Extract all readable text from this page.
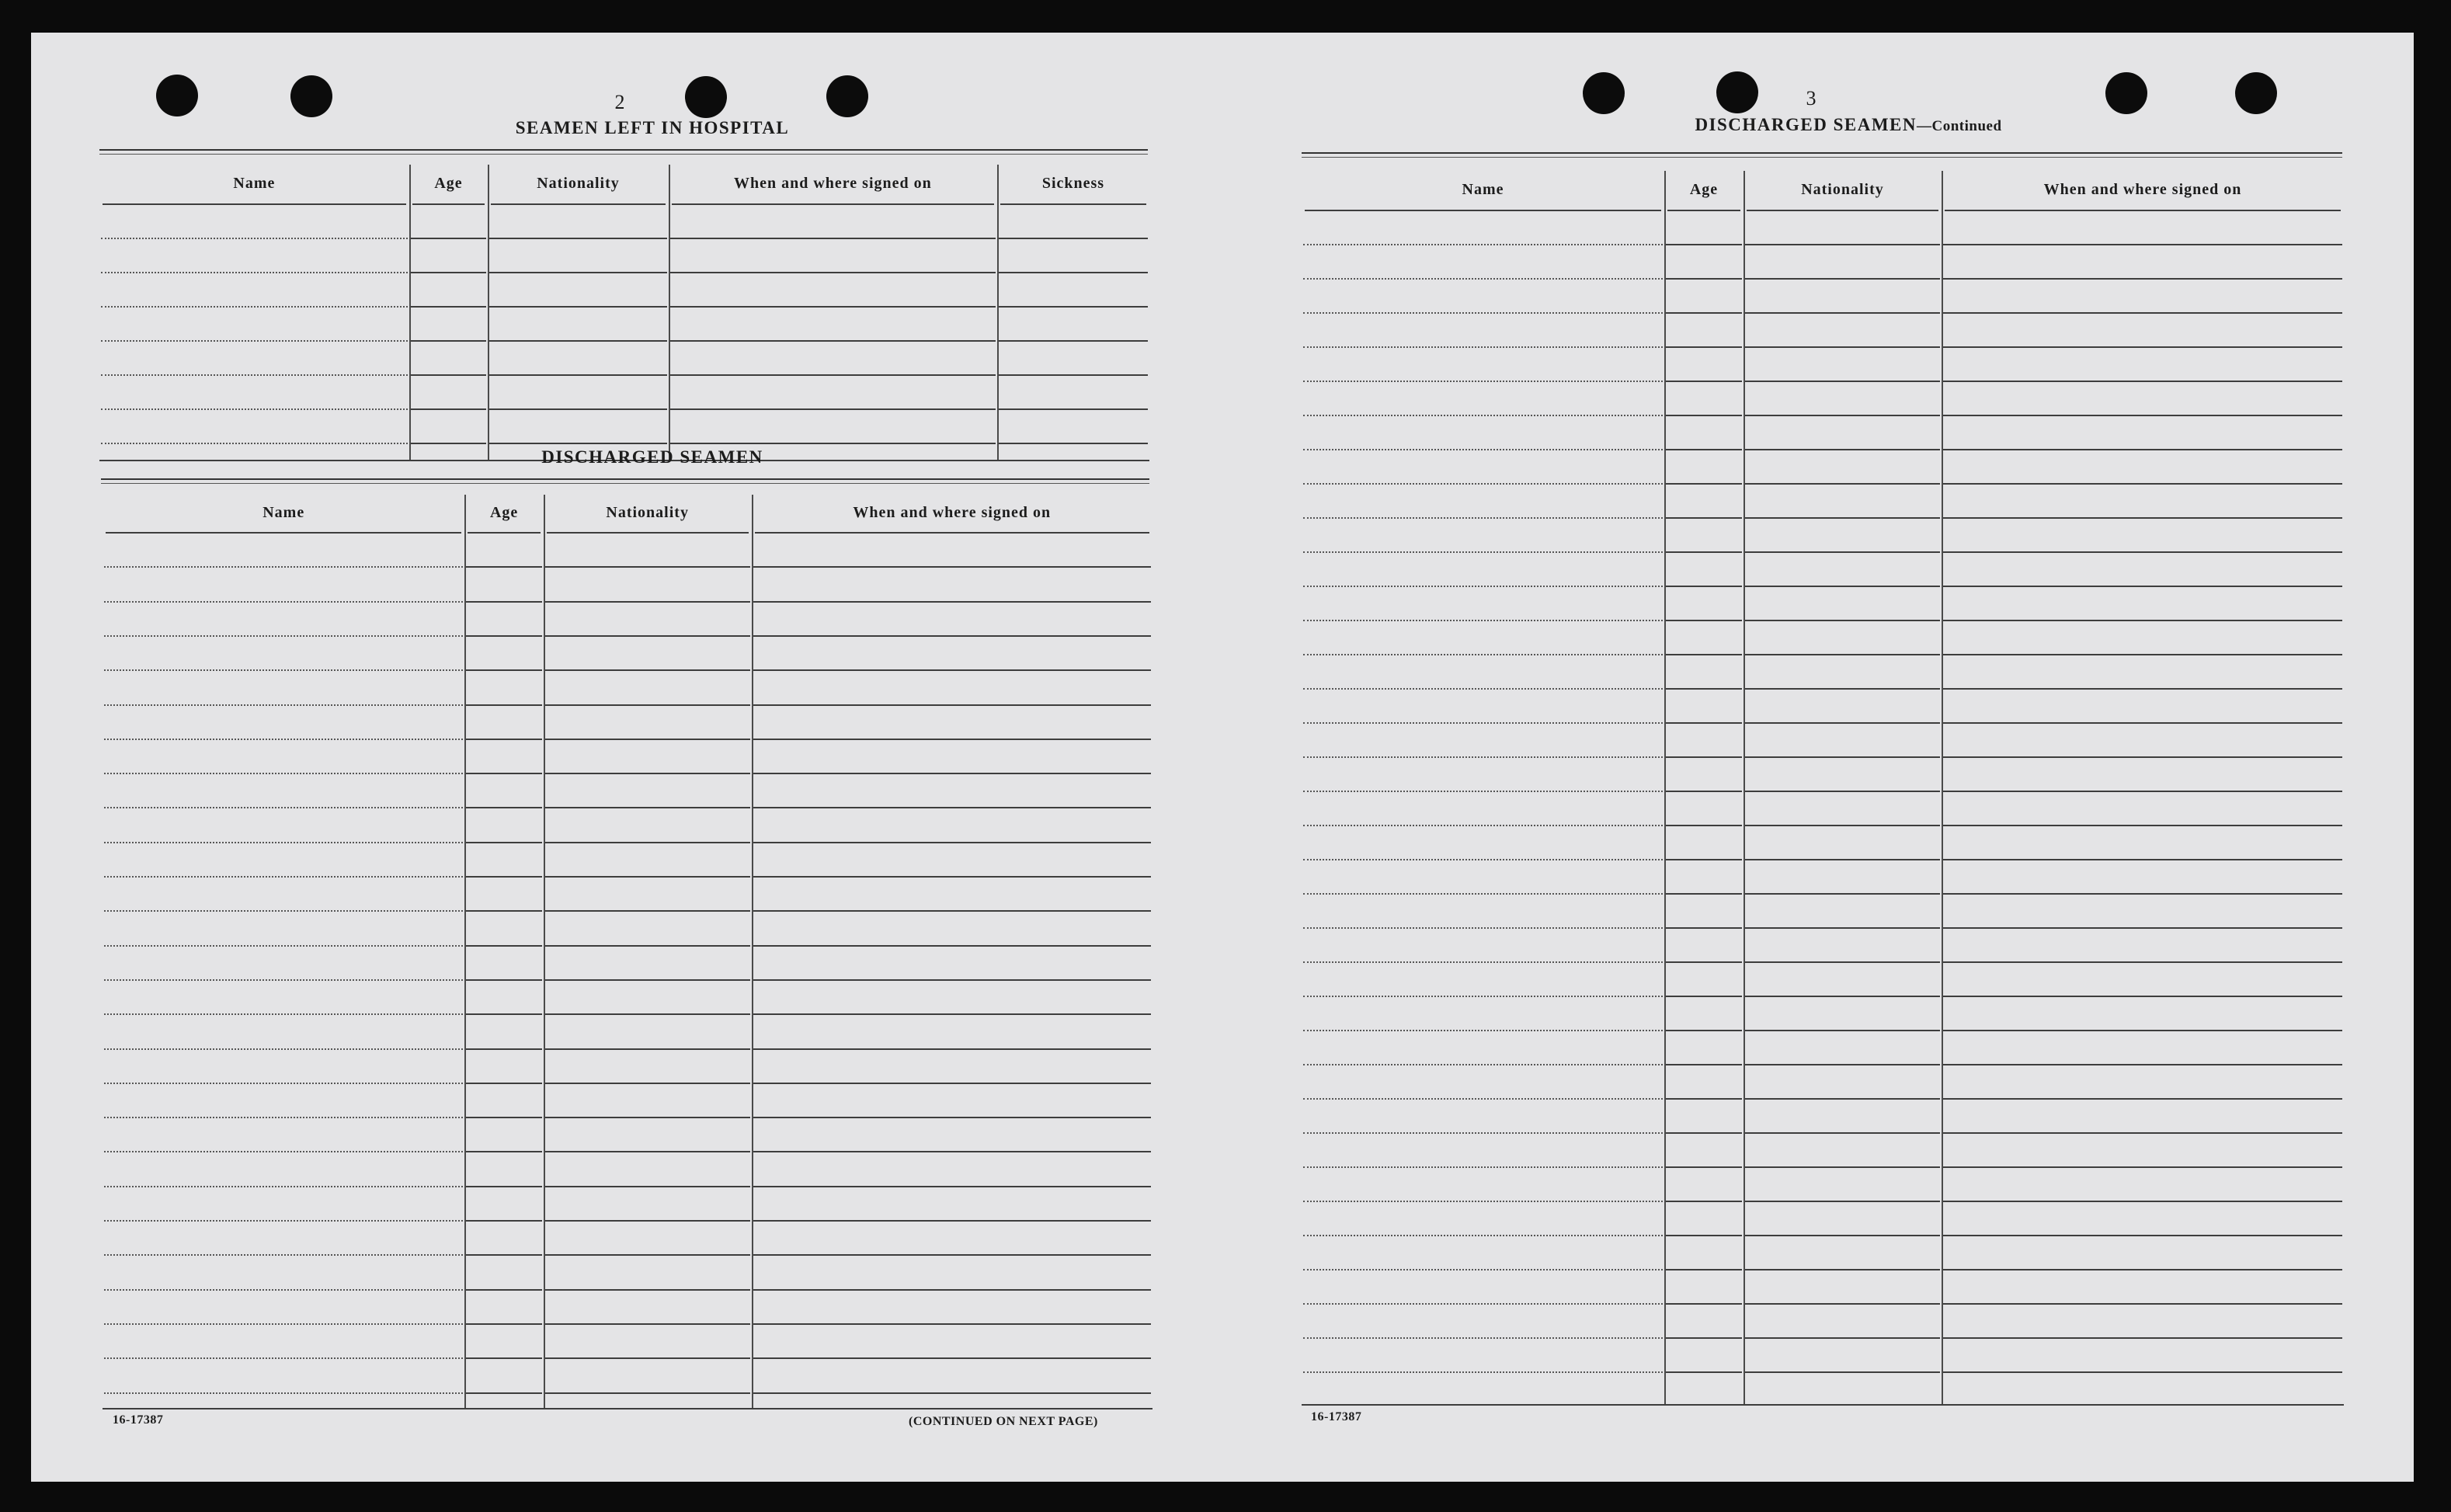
2
SEAMEN LEFT IN HOSPITAL
Name	Age	Nationality	When and where signed on	Sickness
DISCHARGED SEAMEN
Name	Age	Nationality	When and where signed on
16-17387	(CONTINUED ON NEXT PAGE)
3
DISCHARGED SEAMEN—Continued
Name	Age	Nationality	When and where signed on
16-17387
